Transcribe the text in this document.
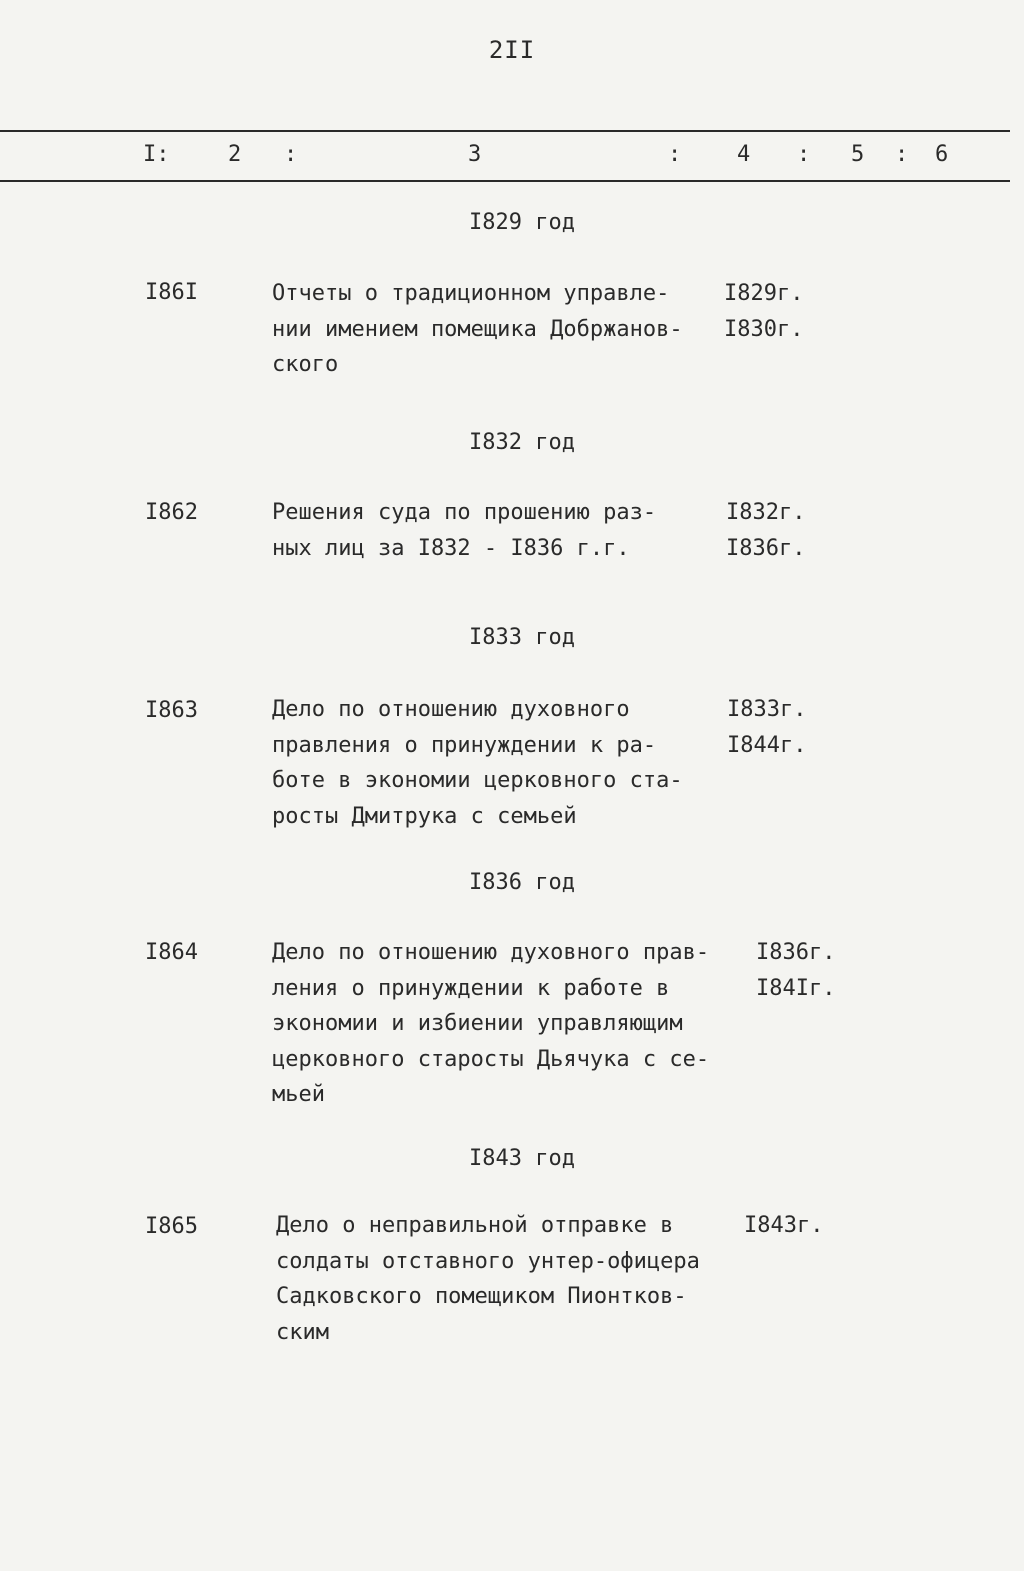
2II
I:	2 :	3	:	4 : 5 : 6
I829 год
I86I	Отчеты о традиционном управле-
нии имением помещика Добржанов-
ского
I829г.
I830г.
I832 год
I862	Решения суда по прошению раз-
ных лиц за I832 - I836 г.г.
I832г.
I836г.
I833 год
I863	Дело по отношению духовного
правления о принуждении к ра-
боте в экономии церковного ста-
росты Дмитрука с семьей
I833г.
I844г.
I836 год
I864	Дело по отношению духовного прав-
ления о принуждении к работе в
экономии и избиении управляющим
церковного старосты Дьячука с се-
мьей
I836г.
I84Iг.
I843 год
I865	Дело о неправильной отправке в
солдаты отставного унтер-офицера
Садковского помещиком Пионтков-
ским
I843г.
